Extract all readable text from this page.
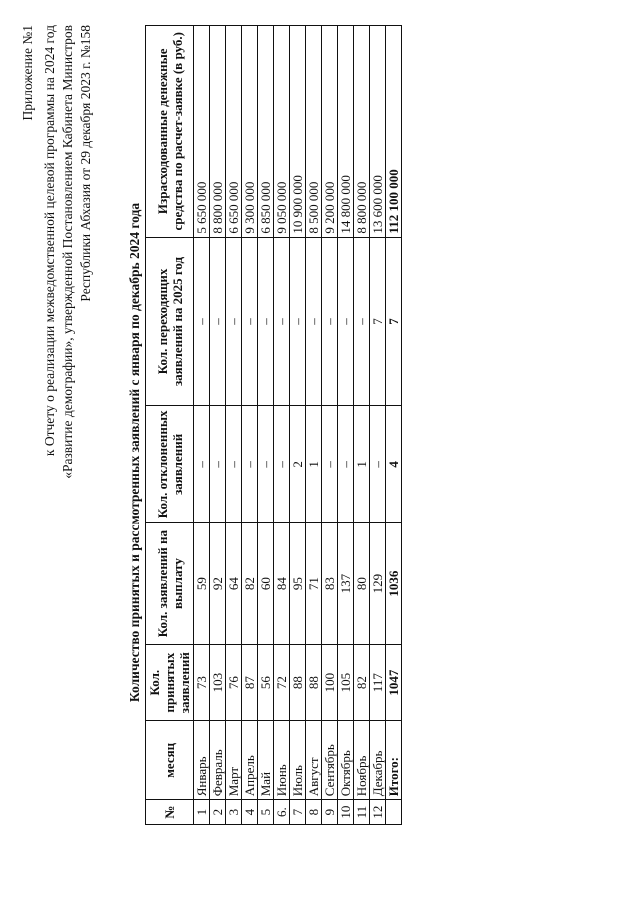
Приложение №1 к Отчету о реализации межведомственной целевой программы на 2024 год «Развитие демографии», утвержденной Постановлением Кабинета Министров Республики Абхазия от 29 декабря 2023 г. №158
Количество принятых и рассмотренных заявлений с января по декабрь 2024 года
№	месяц	Кол. принятых заявлений	Кол. заявлений на выплату	Кол. отклоненных заявлений	Кол. переходящих заявлений на 2025 год	Израсходованные денежные средства по расчет-заявке (в руб.)
1	Январь	73	59	–	–	5 650 000
2	Февраль	103	92	–	–	8 800 000
3	Март	76	64	–	–	6 650 000
4	Апрель	87	82	–	–	9 300 000
5	Май	56	60	–	–	6 850 000
6.	Июнь	72	84	–	–	9 050 000
7	Июль	88	95	2	–	10 900 000
8	Август	88	71	1	–	8 500 000
9	Сентябрь	100	83	–	–	9 200 000
10	Октябрь	105	137	–	–	14 800 000
11	Ноябрь	82	80	1	–	8 800 000
12	Декабрь	117	129	–	7	13 600 000
	Итого:	1047	1036	4	7	112 100 000
